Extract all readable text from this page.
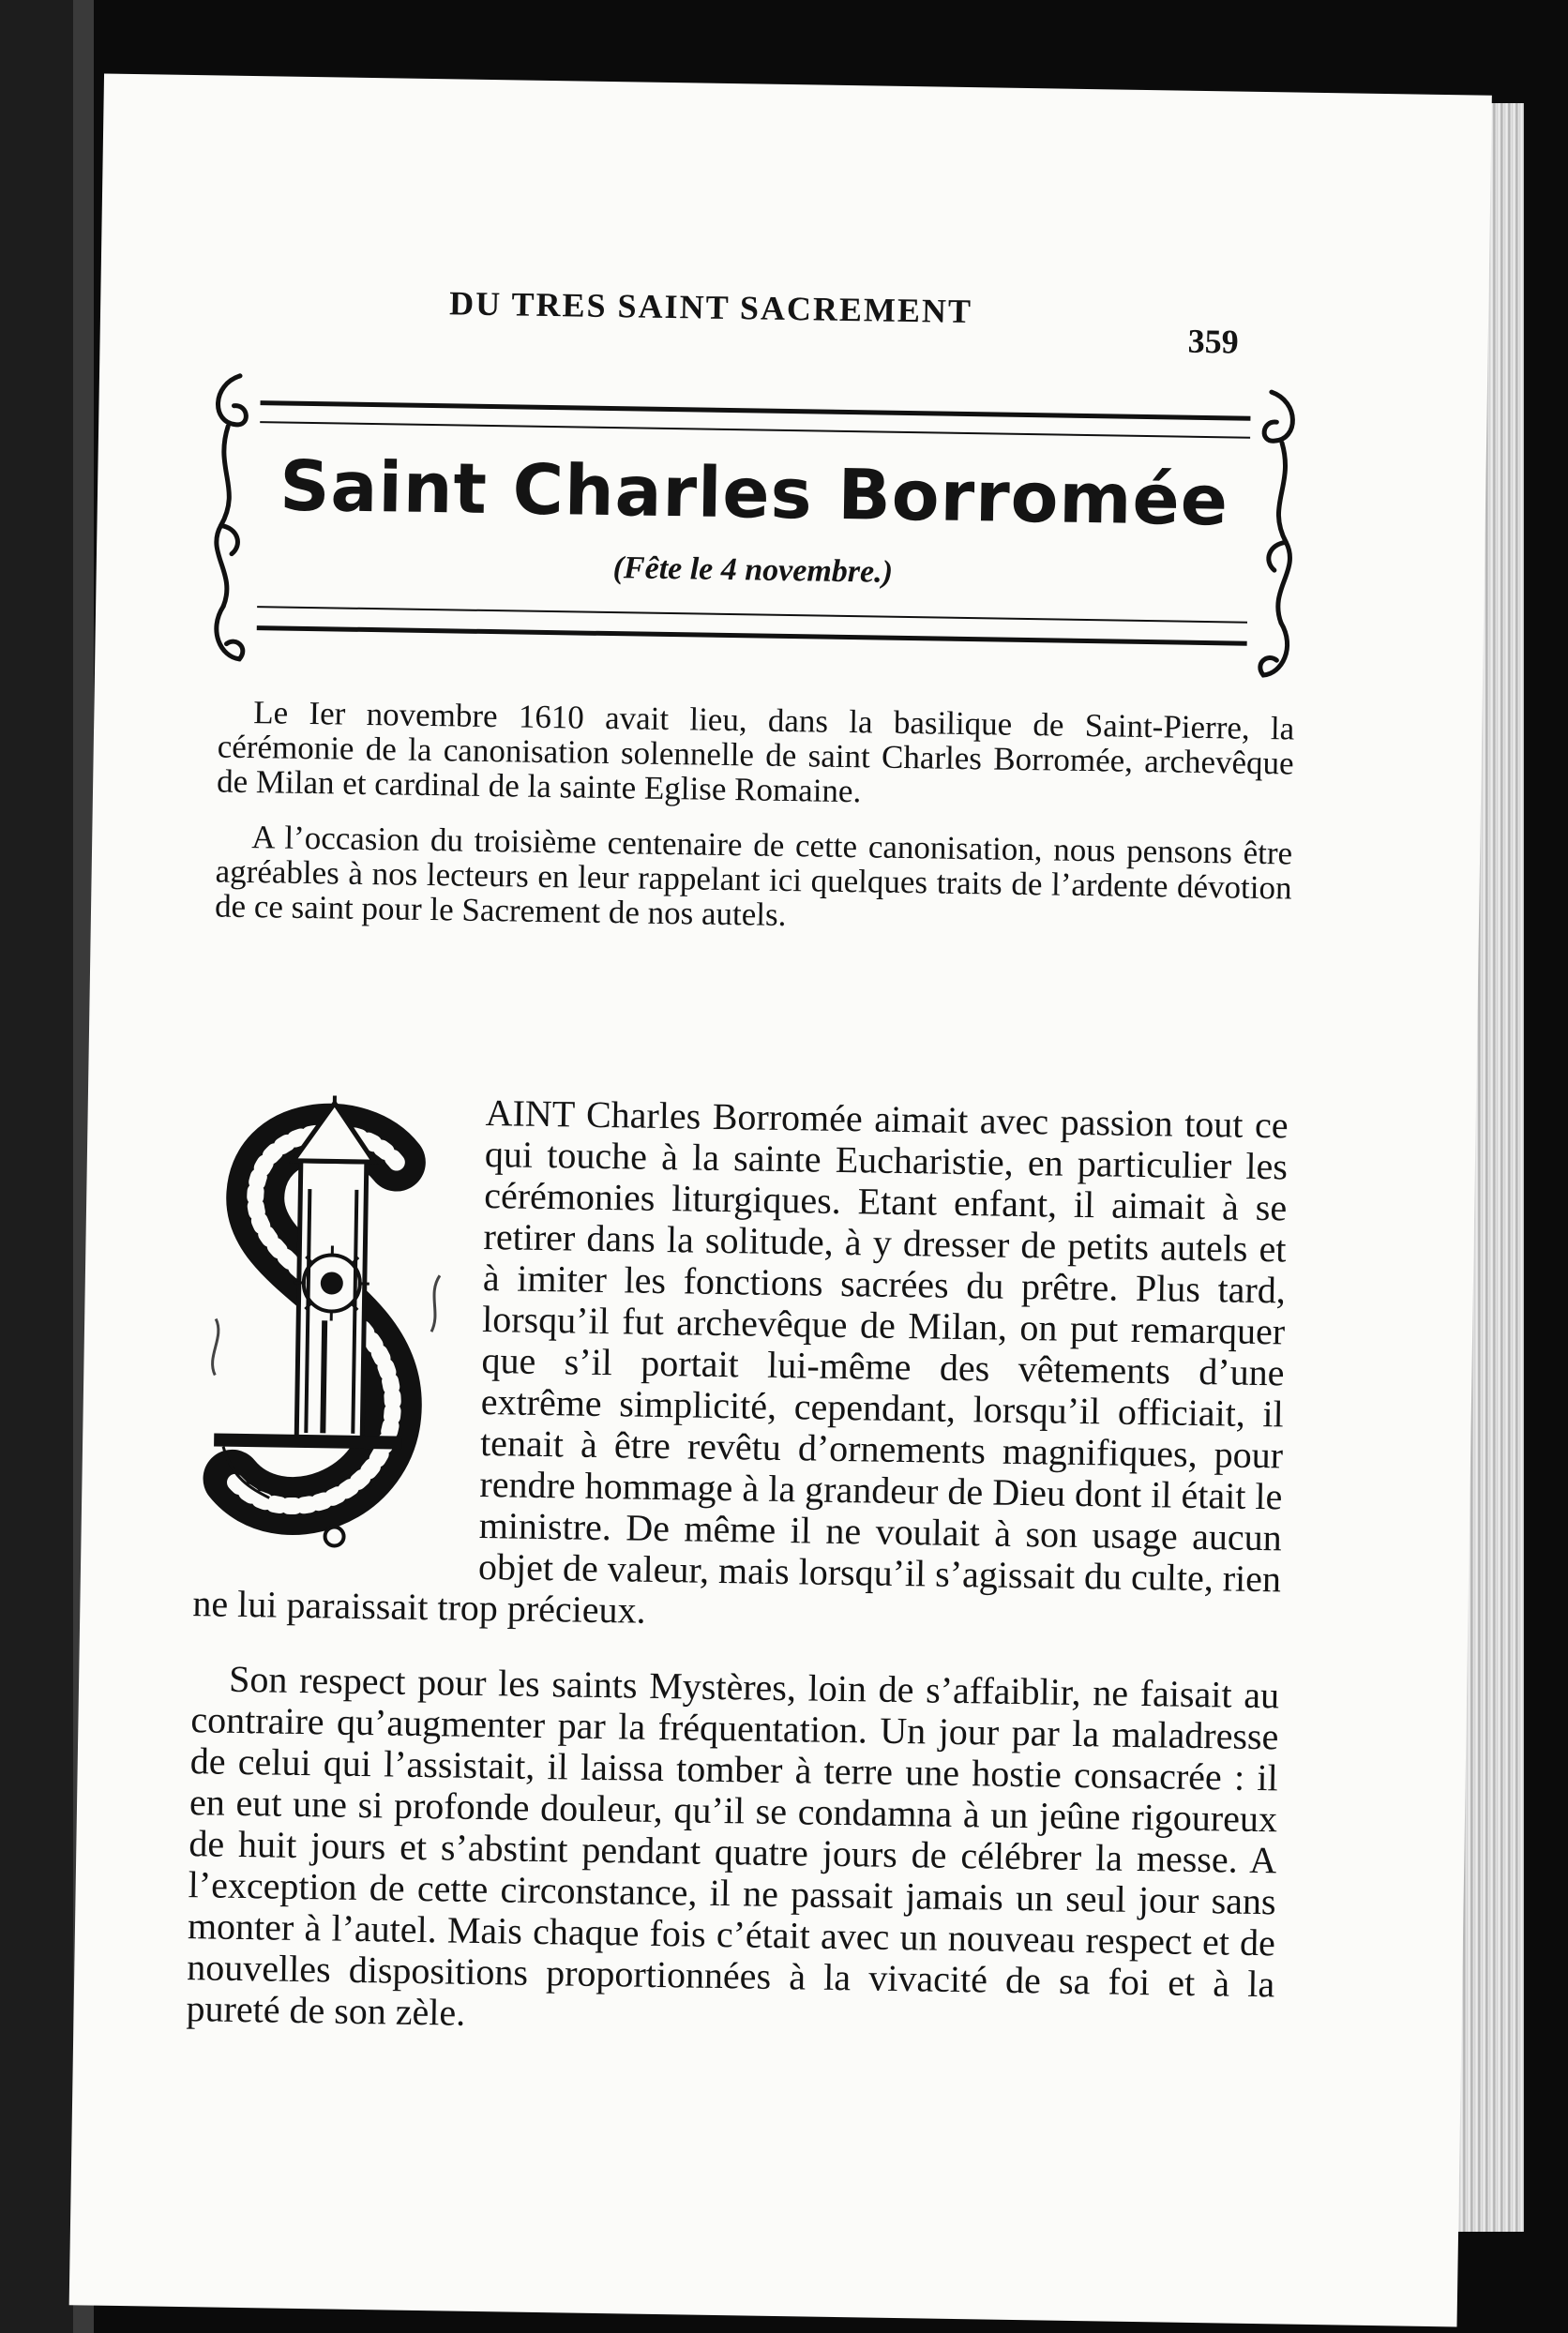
DU TRES SAINT SACREMENT
359
Saint Charles Borromée

(Fête le 4 novembre.)

Le Ier novembre 1610 avait lieu, dans la basilique de Saint-Pierre, la cérémonie de la canonisation solennelle de saint Charles Borromée, archevêque de Milan et cardinal de la sainte Eglise Romaine.

A l’occasion du troisième centenaire de cette canonisation, nous pensons être agréables à nos lecteurs en leur rappelant ici quelques traits de l’ardente dévotion de ce saint pour le Sacrement de nos autels.

AINT Charles Borromée aimait avec passion tout ce qui touche à la sainte Eucharistie, en particulier les cérémonies liturgiques. Etant enfant, il aimait à se retirer dans la solitude, à y dresser de petits autels et à imiter les fonctions sacrées du prêtre. Plus tard, lorsqu’il fut archevêque de Milan, on put remarquer que s’il portait lui-même des vêtements d’une extrême simplicité, cependant, lorsqu’il officiait, il tenait à être revêtu d’ornements magnifiques, pour rendre hommage à la grandeur de Dieu dont il était le ministre. De même il ne voulait à son usage aucun objet de valeur, mais lorsqu’il s’agissait du culte, rien ne lui paraissait trop précieux.

Son respect pour les saints Mystères, loin de s’affaiblir, ne faisait au contraire qu’augmenter par la fréquentation. Un jour par la maladresse de celui qui l’assistait, il laissa tomber à terre une hostie consacrée : il en eut une si profonde douleur, qu’il se condamna à un jeûne rigoureux de huit jours et s’abstint pendant quatre jours de célébrer la messe. A l’exception de cette circonstance, il ne passait jamais un seul jour sans monter à l’autel. Mais chaque fois c’était avec un nouveau respect et de nouvelles dispositions proportionnées à la vivacité de sa foi et à la pureté de son zèle.
